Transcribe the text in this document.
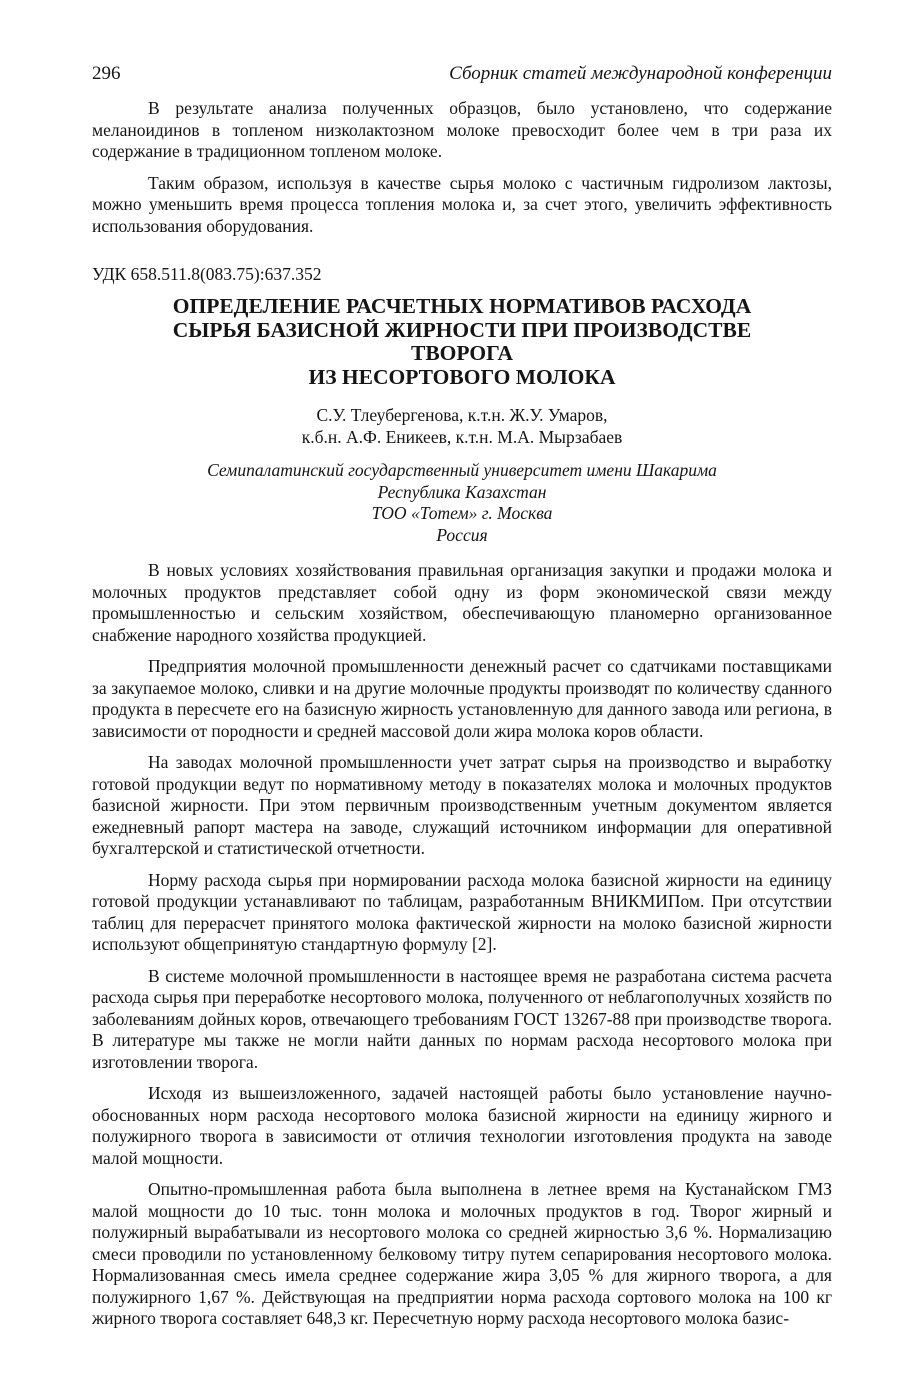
296	Сборник статей международной конференции

В результате анализа полученных образцов, было установлено, что содержание меланоидинов в топленом низколактозном молоке превосходит более чем в три раза их содержание в традиционном топленом молоке.

Таким образом, используя в качестве сырья молоко с частичным гидролизом лактозы, можно уменьшить время процесса топления молока и, за счет этого, увеличить эффективность использования оборудования.

УДК 658.511.8(083.75):637.352
ОПРЕДЕЛЕНИЕ РАСЧЕТНЫХ НОРМАТИВОВ РАСХОДА
СЫРЬЯ БАЗИСНОЙ ЖИРНОСТИ ПРИ ПРОИЗВОДСТВЕ
ТВОРОГА
ИЗ НЕСОРТОВОГО МОЛОКА
С.У. Тлеубергенова, к.т.н. Ж.У. Умаров,
к.б.н. А.Ф. Еникеев, к.т.н. М.А. Мырзабаев
Семипалатинский государственный университет имени Шакарима
Республика Казахстан
ТОО «Тотем» г. Москва
Россия

В новых условиях хозяйствования правильная организация закупки и продажи молока и молочных продуктов представляет собой одну из форм экономической связи между промышленностью и сельским хозяйством, обеспечивающую планомерно организованное снабжение народного хозяйства продукцией.

Предприятия молочной промышленности денежный расчет со сдатчиками поставщиками за закупаемое молоко, сливки и на другие молочные продукты производят по количеству сданного продукта в пересчете его на базисную жирность установленную для данного завода или региона, в зависимости от породности и средней массовой доли жира молока коров области.

На заводах молочной промышленности учет затрат сырья на производство и выработку готовой продукции ведут по нормативному методу в показателях молока и молочных продуктов базисной жирности. При этом первичным производственным учетным документом является ежедневный рапорт мастера на заводе, служащий источником информации для оперативной бухгалтерской и статистической отчетности.

Норму расхода сырья при нормировании расхода молока базисной жирности на единицу готовой продукции устанавливают по таблицам, разработанным ВНИКМИПом. При отсутствии таблиц для перерасчет принятого молока фактической жирности на молоко базисной жирности используют общепринятую стандартную формулу [2].

В системе молочной промышленности в настоящее время не разработана система расчета расхода сырья при переработке несортового молока, полученного от неблагополучных хозяйств по заболеваниям дойных коров, отвечающего требованиям ГОСТ 13267-88 при производстве творога. В литературе мы также не могли найти данных по нормам расхода несортового молока при изготовлении творога.

Исходя из вышеизложенного, задачей настоящей работы было установление научно-обоснованных норм расхода несортового молока базисной жирности на единицу жирного и полужирного творога в зависимости от отличия технологии изготовления продукта на заводе малой мощности.

Опытно-промышленная работа была выполнена в летнее время на Кустанайском ГМЗ малой мощности до 10 тыс. тонн молока и молочных продуктов в год. Творог жирный и полужирный вырабатывали из несортового молока со средней жирностью 3,6 %. Нормализацию смеси проводили по установленному белковому титру путем сепарирования несортового молока. Нормализованная смесь имела среднее содержание жира 3,05 % для жирного творога, а для полужирного 1,67 %. Действующая на предприятии норма расхода сортового молока на 100 кг жирного творога составляет 648,3 кг. Пересчетную норму расхода несортового молока базис-
